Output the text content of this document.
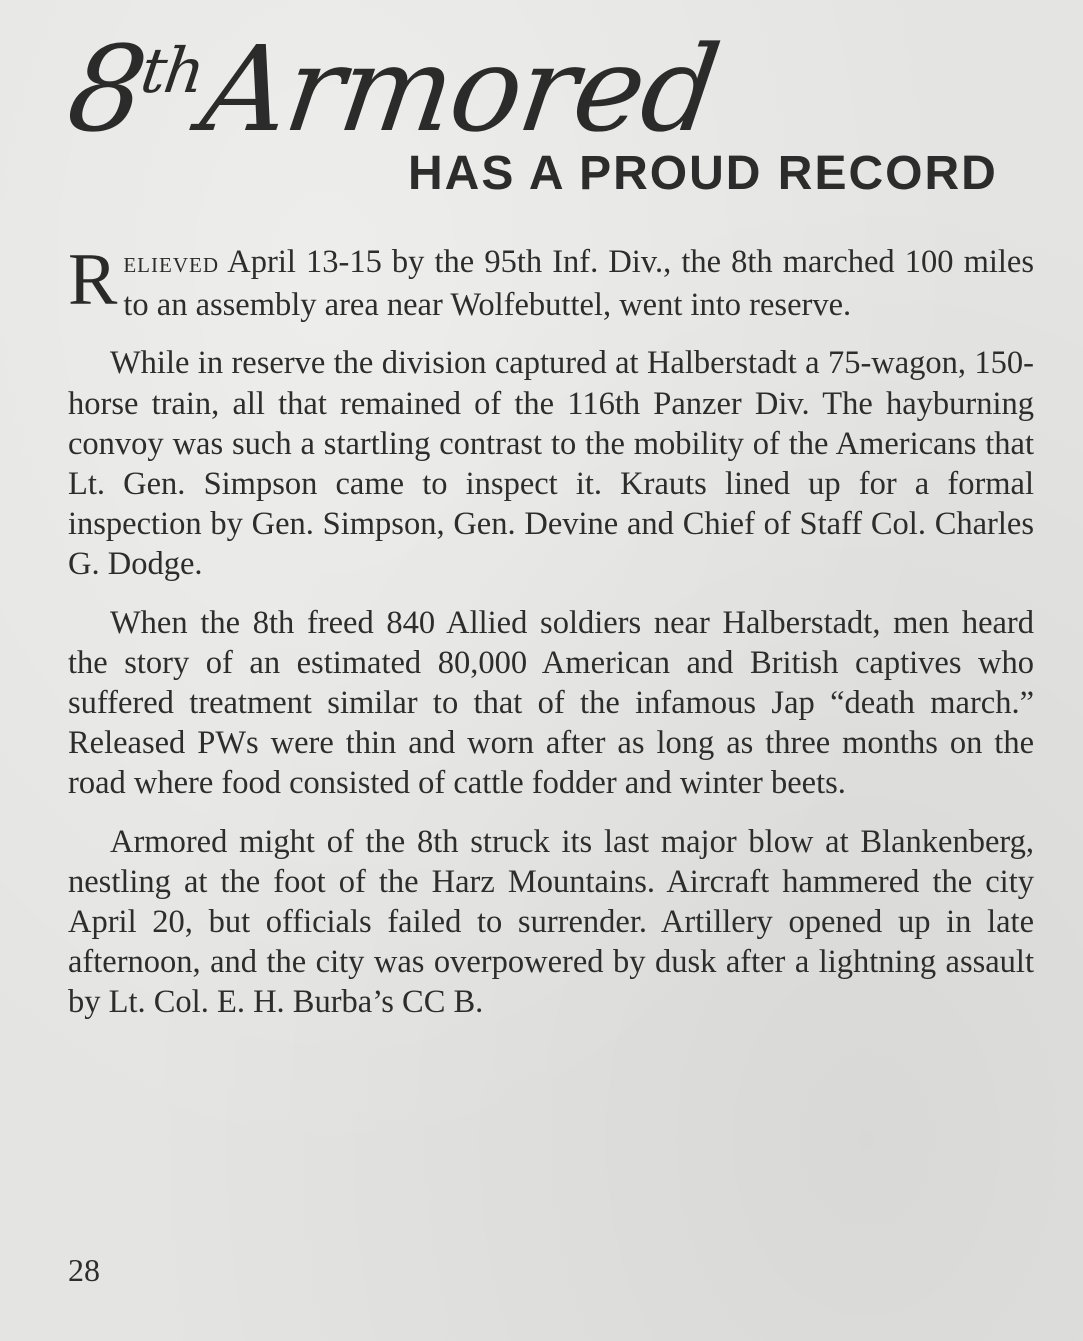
8thArmored
HAS A PROUD RECORD

RELIEVED April 13-15 by the 95th Inf. Div., the 8th marched 100 miles to an assembly area near Wolfebuttel, went into reserve.

While in reserve the division captured at Halberstadt a 75-wagon, 150-horse train, all that remained of the 116th Panzer Div. The hayburning convoy was such a startling contrast to the mobility of the Americans that Lt. Gen. Simpson came to inspect it. Krauts lined up for a formal inspection by Gen. Simpson, Gen. Devine and Chief of Staff Col. Charles G. Dodge.

When the 8th freed 840 Allied soldiers near Halberstadt, men heard the story of an estimated 80,000 American and British captives who suffered treatment similar to that of the infamous Jap “death march.” Released PWs were thin and worn after as long as three months on the road where food consisted of cattle fodder and winter beets.

Armored might of the 8th struck its last major blow at Blankenberg, nestling at the foot of the Harz Mountains. Aircraft hammered the city April 20, but officials failed to surrender. Artillery opened up in late afternoon, and the city was overpowered by dusk after a lightning assault by Lt. Col. E. H. Burba’s CC B.

28
